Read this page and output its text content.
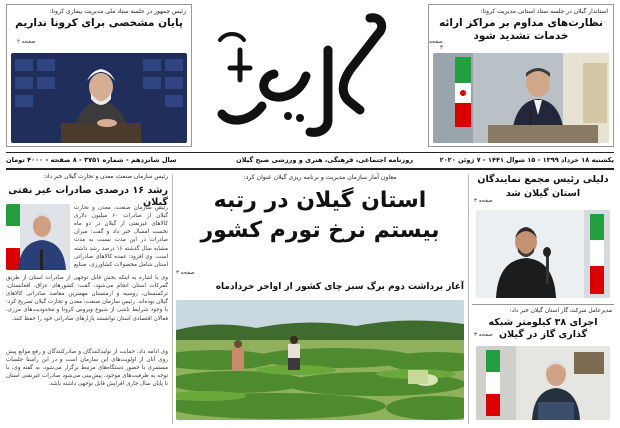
استاندار گیلان در جلسه ستاد استانی مدیریت کرونا:
نظارت‌های مداوم بر مراکز ارائه خدمات تشدید شود
صفحه ۳
رئیس جمهور در جلسه ستاد ملی مدیریت بیماری کرونا:
پایان مشخصی برای کرونا نداریم
صفحه ۲
یکشنبه ۱۸ خرداد ۱۳۹۹ - ۱۵ شوال ۱۴۴۱ - ۷ ژوئن ۲۰۲۰
روزنامه اجتماعی، فرهنگی، هنری و ورزشی صبح گیلان
سال شانزدهم - شماره ۳۷۵۱ - ۸ صفحه - ۴۰۰۰ تومان
دلیلی رئیس مجمع نمایندگان
استان گیلان شد
صفحه ۳
مدیرعامل شرکت گاز استان گیلان خبر داد:
اجرای ۳۸ کیلومتر شبکه گذاری گاز در گیلان
صفحه ۳
معاون آمار سازمان مدیریت و برنامه ریزی گیلان عنوان کرد:
استان گیلان در رتبه
بیستم نرخ تورم کشور
صفحه ۳
آغاز برداشت دوم برگ سبز چای کشور از اواخر خردادماه
رئیس سازمان صنعت، معدن و تجارت گیلان خبر داد:
رشد ۱۶ درصدی صادرات غیر نفتی گیلان
رئیس سازمان صنعت، معدن و تجارت گیلان از صادرات ۶۰ میلیون دلاری کالاهای غیرنفتی از گیلان در دو ماه نخست امسال خبر داد و گفت: میزان صادرات در این مدت نسبت به مدت مشابه سال گذشته ۱۶ درصد رشد داشته است. وی افزود: عمده کالاهای صادراتی استان شامل محصولات کشاورزی، صنایع
وی با اشاره به اینکه بخش قابل توجهی از صادرات استان از طریق گمرکات استان انجام می‌شود، گفت: کشورهای عراق، افغانستان، ترکمنستان، روسیه و ارمنستان مهمترین مقاصد صادراتی کالاهای گیلان بوده‌اند. رئیس سازمان صنعت، معدن و تجارت گیلان تصریح کرد: با وجود شرایط ناشی از شیوع ویروس کرونا و محدودیت‌های مرزی، فعالان اقتصادی استان توانستند بازارهای صادراتی خود را حفظ کنند.
وی ادامه داد: حمایت از تولیدکنندگان و صادرکنندگان و رفع موانع پیش روی آنان از اولویت‌های این سازمان است و در این راستا جلسات مستمری با حضور دستگاه‌های مرتبط برگزار می‌شود. به گفته وی، با توجه به ظرفیت‌های موجود، پیش‌بینی می‌شود صادرات غیرنفتی استان تا پایان سال جاری افزایش قابل توجهی داشته باشد.
